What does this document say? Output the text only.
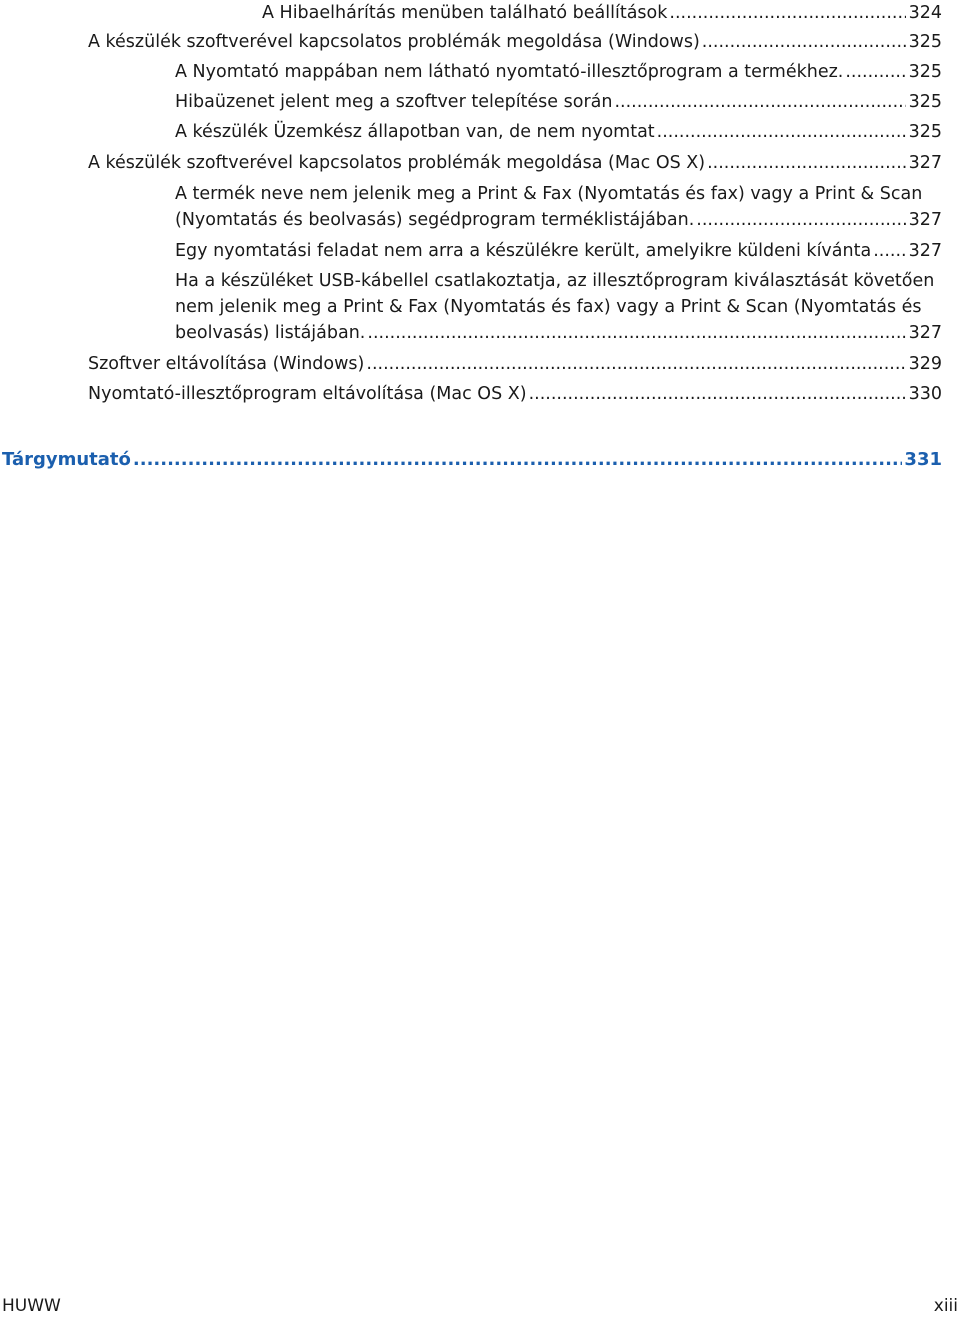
A Hibaelhárítás menüben található beállítások .....	324
A készülék szoftverével kapcsolatos problémák megoldása (Windows) .....	325
A Nyomtató mappában nem látható nyomtató-illesztőprogram a termékhez. .....	325
Hibaüzenet jelent meg a szoftver telepítése során .....	325
A készülék Üzemkész állapotban van, de nem nyomtat .....	325
A készülék szoftverével kapcsolatos problémák megoldása (Mac OS X) .....	327
A termék neve nem jelenik meg a Print & Fax (Nyomtatás és fax) vagy a Print & Scan
(Nyomtatás és beolvasás) segédprogram terméklistájában. .....	327
Egy nyomtatási feladat nem arra a készülékre került, amelyikre küldeni kívánta ..... 327
Ha a készüléket USB-kábellel csatlakoztatja, az illesztőprogram kiválasztását követően
nem jelenik meg a Print & Fax (Nyomtatás és fax) vagy a Print & Scan (Nyomtatás és
beolvasás) listájában. .....	327
Szoftver eltávolítása (Windows) .....	329
Nyomtató-illesztőprogram eltávolítása (Mac OS X) .....	330
Tárgymutató .....	331
HUWW	xiii
